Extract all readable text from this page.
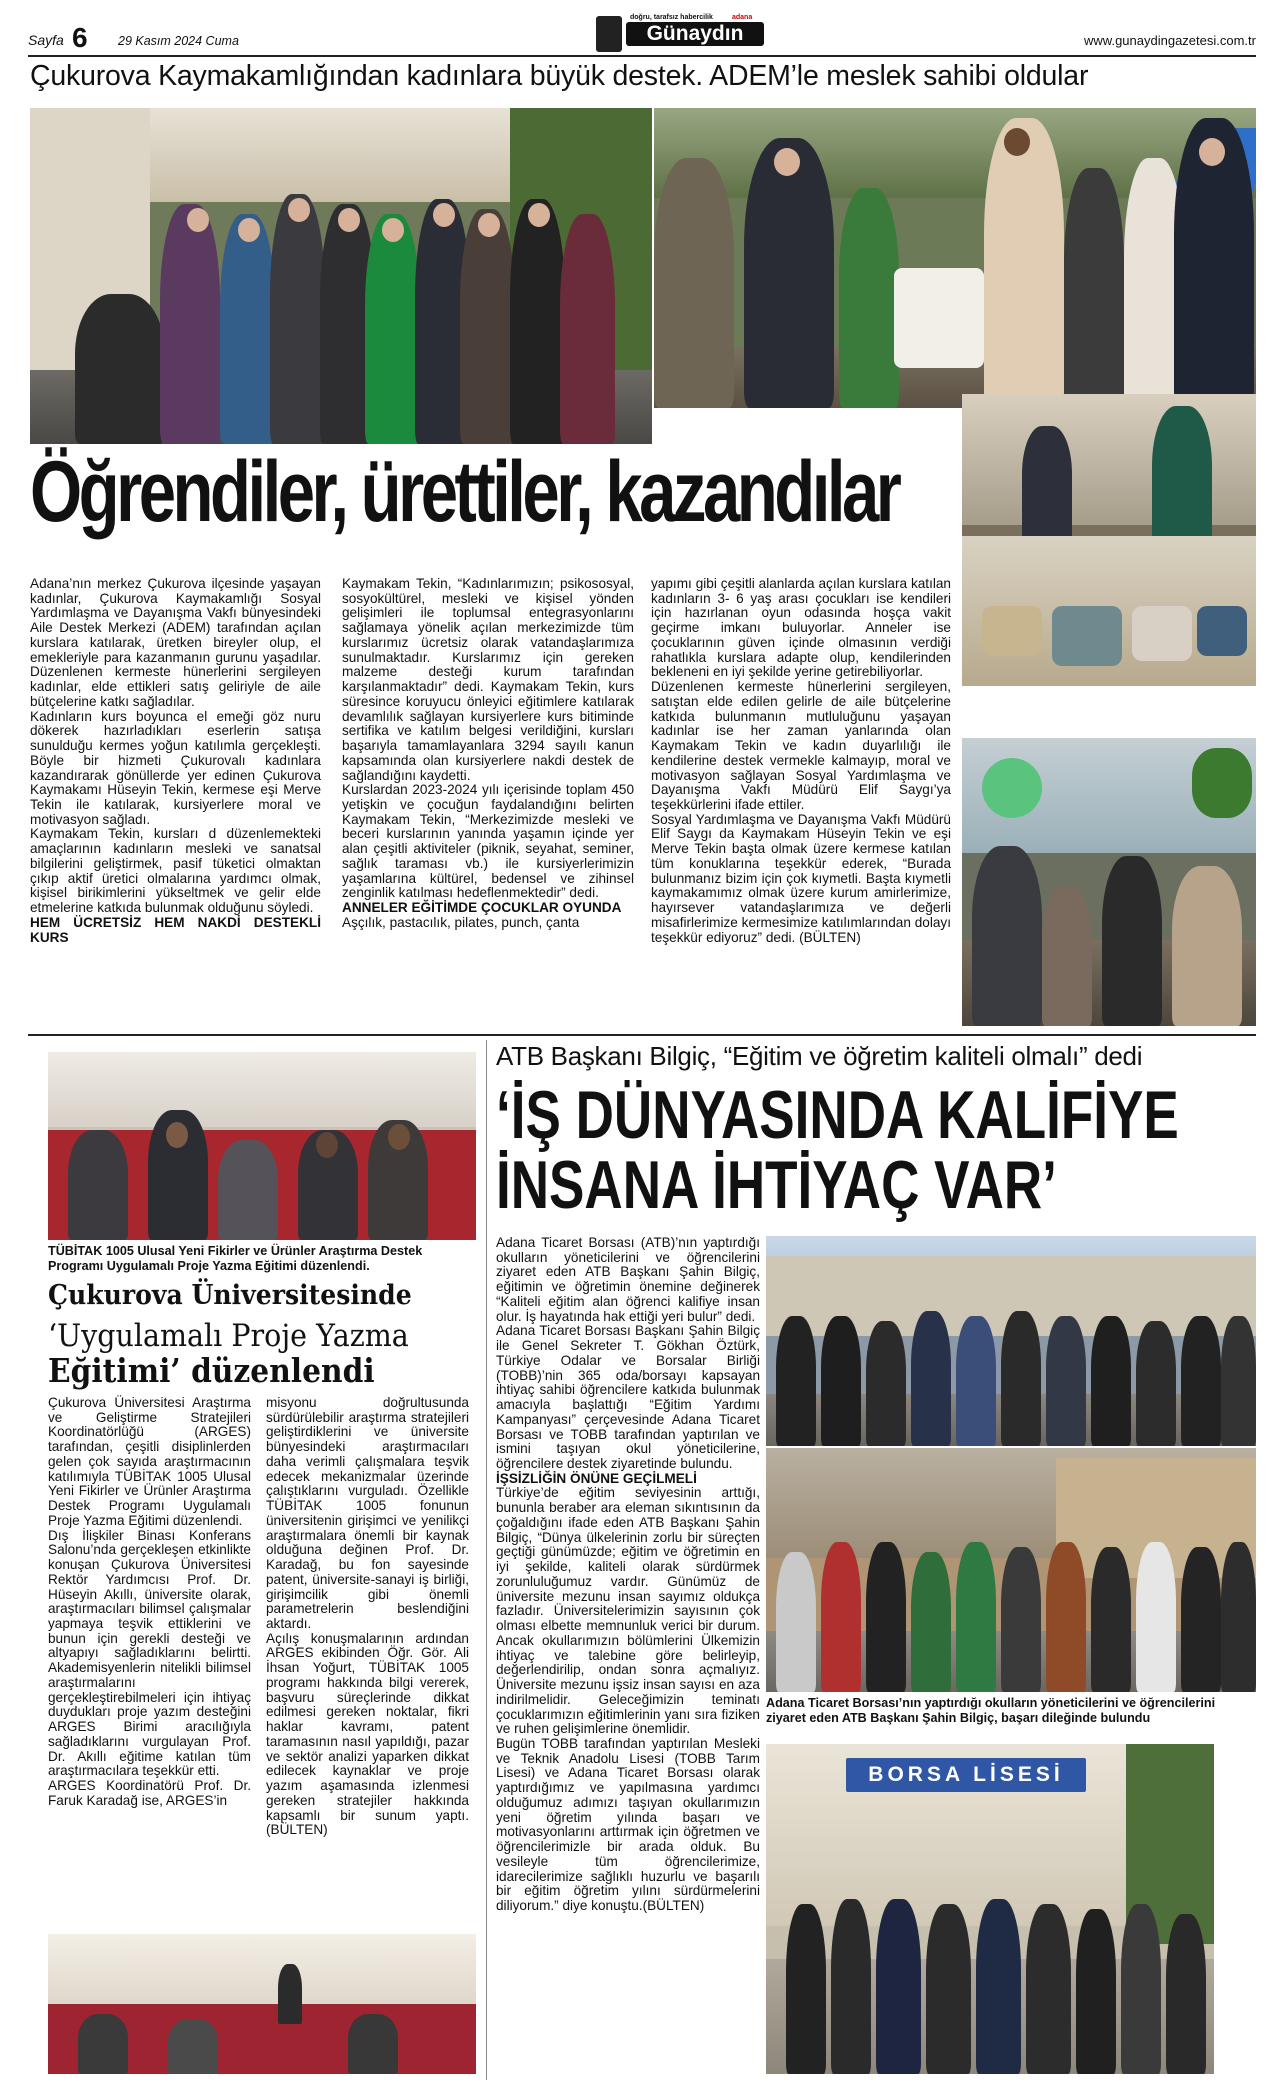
Sayfa 6 29 Kasım 2024 Cuma
doğru, tarafsız habercilik	adana
Günaydın	www.gunaydingazetesi.com.tr
Çukurova Kaymakamlığından kadınlara büyük destek. ADEM’le meslek sahibi oldular
Öğrendiler, ürettiler, kazandılar

Adana’nın merkez Çukurova ilçesinde yaşayan kadınlar, Çukurova Kaymakamlığı Sosyal Yardımlaşma ve Dayanışma Vakfı bünyesindeki Aile Destek Merkezi (ADEM) tarafından açılan kurslara katılarak, üretken bireyler olup, el emekleriyle para kazanmanın gurunu yaşadılar. Düzenlenen kermeste hünerlerini sergileyen kadınlar, elde ettikleri satış geliriyle de aile bütçelerine katkı sağladılar.
Kadınların kurs boyunca el emeği göz nuru dökerek hazırladıkları eserlerin satışa sunulduğu kermes yoğun katılımla gerçekleşti. Böyle bir hizmeti Çukurovalı kadınlara kazandırarak gönüllerde yer edinen Çukurova Kaymakamı Hüseyin Tekin, kermese eşi Merve Tekin ile katılarak, kursiyerlere moral ve motivasyon sağladı.
Kaymakam Tekin, kursları d düzenlemekteki amaçlarının kadınların mesleki ve sanatsal bilgilerini geliştirmek, pasif tüketici olmaktan çıkıp aktif üretici olmalarına yardımcı olmak, kişisel birikimlerini yükseltmek ve gelir elde etmelerine katkıda bulunmak olduğunu söyledi.

HEM ÜCRETSİZ HEM NAKDİ DESTEKLİ KURS

Kaymakam Tekin, “Kadınlarımızın; psikososyal, sosyokültürel, mesleki ve kişisel yönden gelişimleri ile toplumsal entegrasyonlarını sağlamaya yönelik açılan merkezimizde tüm kurslarımız ücretsiz olarak vatandaşlarımıza sunulmaktadır. Kurslarımız için gereken malzeme desteği kurum tarafından karşılanmaktadır” dedi. Kaymakam Tekin, kurs süresince koruyucu önleyici eğitimlere katılarak devamlılık sağlayan kursiyerlere kurs bitiminde sertifika ve katılım belgesi verildiğini, kursları başarıyla tamamlayanlara 3294 sayılı kanun kapsamında olan kursiyerlere nakdi destek de sağlandığını kaydetti.
Kurslardan 2023-2024 yılı içerisinde toplam 450 yetişkin ve çocuğun faydalandığını belirten Kaymakam Tekin, “Merkezimizde mesleki ve beceri kurslarının yanında yaşamın içinde yer alan çeşitli aktiviteler (piknik, seyahat, seminer, sağlık taraması vb.) ile kursiyerlerimizin yaşamlarına kültürel, bedensel ve zihinsel zenginlik katılması hedeflenmektedir” dedi.

ANNELER EĞİTİMDE ÇOCUKLAR OYUNDA

Aşçılık, pastacılık, pilates, punch, çanta

yapımı gibi çeşitli alanlarda açılan kurslara katılan kadınların 3- 6 yaş arası çocukları ise kendileri için hazırlanan oyun odasında hoşça vakit geçirme imkanı buluyorlar. Anneler ise çocuklarının güven içinde olmasının verdiği rahatlıkla kurslara adapte olup, kendilerinden bekleneni en iyi şekilde yerine getirebiliyorlar.
Düzenlenen kermeste hünerlerini sergileyen, satıştan elde edilen gelirle de aile bütçelerine katkıda bulunmanın mutluluğunu yaşayan kadınlar ise her zaman yanlarında olan Kaymakam Tekin ve kadın duyarlılığı ile kendilerine destek vermekle kalmayıp, moral ve motivasyon sağlayan Sosyal Yardımlaşma ve Dayanışma Vakfı Müdürü Elif Saygı’ya teşekkürlerini ifade ettiler.
Sosyal Yardımlaşma ve Dayanışma Vakfı Müdürü Elif Saygı da Kaymakam Hüseyin Tekin ve eşi Merve Tekin başta olmak üzere kermese katılan tüm konuklarına teşekkür ederek, “Burada bulunmanız bizim için çok kıymetli. Başta kıymetli kaymakamımız olmak üzere kurum amirlerimize, hayırsever vatandaşlarımıza ve değerli misafirlerimize kermesimize katılımlarından dolayı teşekkür ediyoruz” dedi. (BÜLTEN)

TÜBİTAK 1005 Ulusal Yeni Fikirler ve Ürünler Araştırma Destek Programı Uygulamalı Proje Yazma Eğitimi düzenlendi.
Çukurova Üniversitesinde
‘Uygulamalı Proje Yazma
Eğitimi’ düzenlendi

Çukurova Üniversitesi Araştırma ve Geliştirme Stratejileri Koordinatörlüğü (ARGES) tarafından, çeşitli disiplinlerden gelen çok sayıda araştırmacının katılımıyla TÜBİTAK 1005 Ulusal Yeni Fikirler ve Ürünler Araştırma Destek Programı Uygulamalı Proje Yazma Eğitimi düzenlendi.
Dış İlişkiler Binası Konferans Salonu’nda gerçekleşen etkinlikte konuşan Çukurova Üniversitesi Rektör Yardımcısı Prof. Dr. Hüseyin Akıllı, üniversite olarak, araştırmacıları bilimsel çalışmalar yapmaya teşvik ettiklerini ve bunun için gerekli desteği ve altyapıyı sağladıklarını belirtti. Akademisyenlerin nitelikli bilimsel araştırmalarını gerçekleştirebilmeleri için ihtiyaç duydukları proje yazım desteğini ARGES Birimi aracılığıyla sağladıklarını vurgulayan Prof. Dr. Akıllı eğitime katılan tüm araştırmacılara teşekkür etti.
ARGES Koordinatörü Prof. Dr. Faruk Karadağ ise, ARGES’in

misyonu doğrultusunda sürdürülebilir araştırma stratejileri geliştirdiklerini ve üniversite bünyesindeki araştırmacıları daha verimli çalışmalara teşvik edecek mekanizmalar üzerinde çalıştıklarını vurguladı. Özellikle TÜBİTAK 1005 fonunun üniversitenin girişimci ve yenilikçi araştırmalara önemli bir kaynak olduğuna değinen Prof. Dr. Karadağ, bu fon sayesinde patent, üniversite-sanayi iş birliği, girişimcilik gibi önemli parametrelerin beslendiğini aktardı.
Açılış konuşmalarının ardından ARGES ekibinden Öğr. Gör. Ali İhsan Yoğurt, TÜBİTAK 1005 programı hakkında bilgi vererek, başvuru süreçlerinde dikkat edilmesi gereken noktalar, fikri haklar kavramı, patent taramasının nasıl yapıldığı, pazar ve sektör analizi yaparken dikkat edilecek kaynaklar ve proje yazım aşamasında izlenmesi gereken stratejiler hakkında kapsamlı bir sunum yaptı. (BÜLTEN)

ATB Başkanı Bilgiç, “Eğitim ve öğretim kaliteli olmalı” dedi
‘İŞ DÜNYASINDA KALİFİYE
İNSANA İHTİYAÇ VAR’

Adana Ticaret Borsası (ATB)’nın yaptırdığı okulların yöneticilerini ve öğrencilerini ziyaret eden ATB Başkanı Şahin Bilgiç, eğitimin ve öğretimin önemine değinerek “Kaliteli eğitim alan öğrenci kalifiye insan olur. İş hayatında hak ettiği yeri bulur” dedi.
Adana Ticaret Borsası Başkanı Şahin Bilgiç ile Genel Sekreter T. Gökhan Öztürk, Türkiye Odalar ve Borsalar Birliği (TOBB)’nin 365 oda/borsayı kapsayan ihtiyaç sahibi öğrencilere katkıda bulunmak amacıyla başlattığı “Eğitim Yardımı Kampanyası” çerçevesinde Adana Ticaret Borsası ve TOBB tarafından yaptırılan ve ismini taşıyan okul yöneticilerine, öğrencilere destek ziyaretinde bulundu.

İŞSİZLİĞİN ÖNÜNE GEÇİLMELİ

Türkiye’de eğitim seviyesinin arttığı, bununla beraber ara eleman sıkıntısının da çoğaldığını ifade eden ATB Başkanı Şahin Bilgiç, “Dünya ülkelerinin zorlu bir süreçten geçtiği günümüzde; eğitim ve öğretimin en iyi şekilde, kaliteli olarak sürdürmek zorunluluğumuz vardır. Günümüz de üniversite mezunu insan sayımız oldukça fazladır. Üniversitelerimizin sayısının çok olması elbette memnunluk verici bir durum. Ancak okullarımızın bölümlerini Ülkemizin ihtiyaç ve talebine göre belirleyip, değerlendirilip, ondan sonra açmalıyız. Üniversite mezunu işsiz insan sayısı en aza indirilmelidir. Geleceğimizin teminatı çocuklarımızın eğitimlerinin yanı sıra fiziken ve ruhen gelişimlerine önemlidir.
Bugün TOBB tarafından yaptırılan Mesleki ve Teknik Anadolu Lisesi (TOBB Tarım Lisesi) ve Adana Ticaret Borsası olarak yaptırdığımız ve yapılmasına yardımcı olduğumuz adımızı taşıyan okullarımızın yeni öğretim yılında başarı ve motivasyonlarını arttırmak için öğretmen ve öğrencilerimizle bir arada olduk. Bu vesileyle tüm öğrencilerimize, idarecilerimize sağlıklı huzurlu ve başarılı bir eğitim öğretim yılını sürdürmelerini diliyorum.” diye konuştu.(BÜLTEN)

Adana Ticaret Borsası’nın yaptırdığı okulların yöneticilerini ve öğrencilerini ziyaret eden ATB Başkanı Şahin Bilgiç, başarı dileğinde bulundu
BORSA LİSESİ
